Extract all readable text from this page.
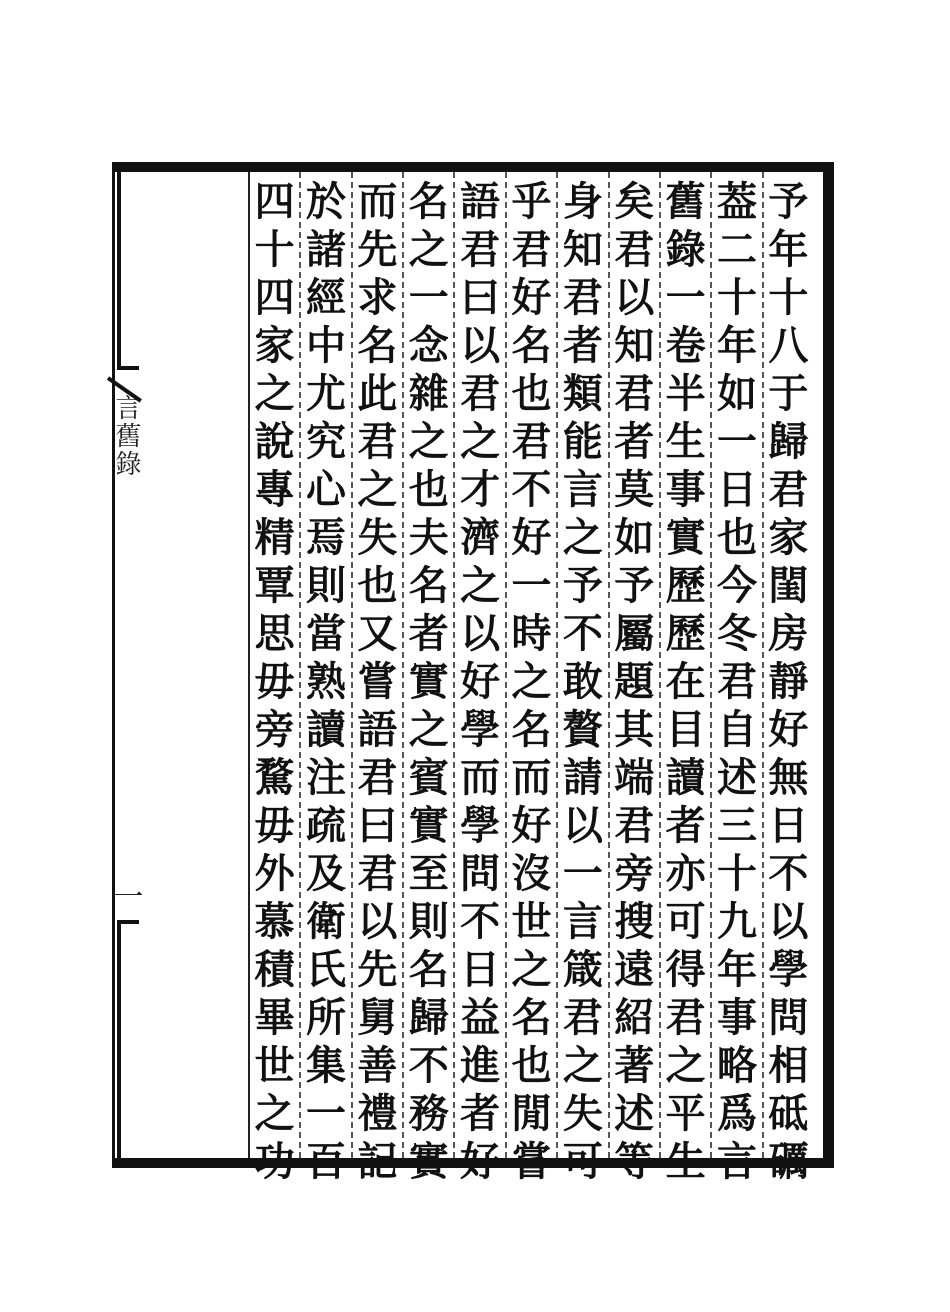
言舊錄
一
予
年
十
八
于
歸
君
家
閨
房
靜
好
無
日
不
以
學
問
相
砥
礪
葢
二
十
年
如
一
日
也
今
冬
君
自
述
三
十
九
年
事
略
爲
言
舊
錄
一
卷
半
生
事
實
歷
歷
在
目
讀
者
亦
可
得
君
之
平
生
矣
君
以
知
君
者
莫
如
予
屬
題
其
端
君
旁
搜
遠
紹
著
述
等
身
知
君
者
類
能
言
之
予
不
敢
贅
請
以
一
言
箴
君
之
失
可
乎
君
好
名
也
君
不
好
一
時
之
名
而
好
沒
世
之
名
也
閒
嘗
語
君
曰
以
君
之
才
濟
之
以
好
學
而
學
問
不
日
益
進
者
好
名
之
一
念
雜
之
也
夫
名
者
實
之
賓
實
至
則
名
歸
不
務
實
而
先
求
名
此
君
之
失
也
又
嘗
語
君
曰
君
以
先
舅
善
禮
記
於
諸
經
中
尤
究
心
焉
則
當
熟
讀
注
疏
及
衛
氏
所
集
一
百
四
十
四
家
之
說
專
精
覃
思
毋
旁
騖
毋
外
慕
積
畢
世
之
功
